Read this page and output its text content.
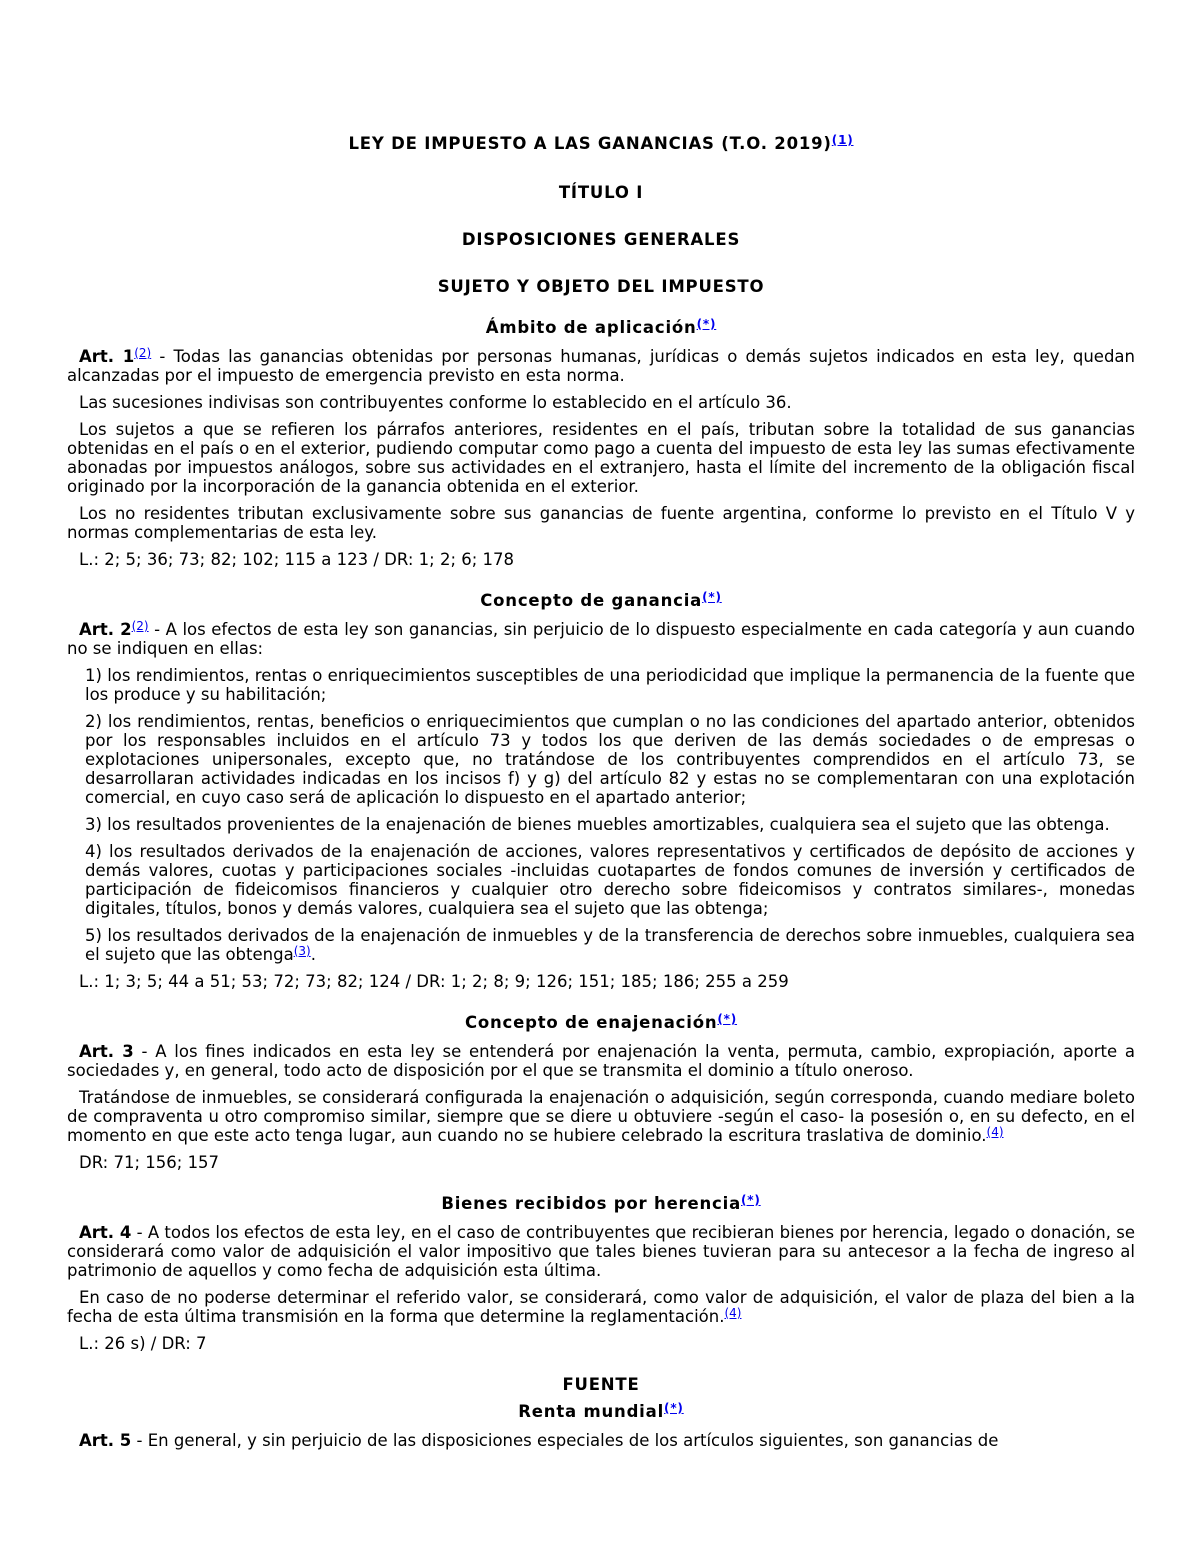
LEY DE IMPUESTO A LAS GANANCIAS (T.O. 2019)$^{(1)}$
TÍTULO I
DISPOSICIONES GENERALES
SUJETO Y OBJETO DEL IMPUESTO
Ámbito de aplicación(*)

Art. 1$^{(2)}$ - Todas las ganancias obtenidas por personas humanas, jurídicas o demás sujetos indicados en esta ley, quedan alcanzadas por el impuesto de emergencia previsto en esta norma.

Las sucesiones indivisas son contribuyentes conforme lo establecido en el artículo 36.

Los sujetos a que se refieren los párrafos anteriores, residentes en el país, tributan sobre la totalidad de sus ganancias obtenidas en el país o en el exterior, pudiendo computar como pago a cuenta del impuesto de esta ley las sumas efectivamente abonadas por impuestos análogos, sobre sus actividades en el extranjero, hasta el límite del incremento de la obligación fiscal originado por la incorporación de la ganancia obtenida en el exterior.

Los no residentes tributan exclusivamente sobre sus ganancias de fuente argentina, conforme lo previsto en el Título V y normas complementarias de esta ley.

L.: 2; 5; 36; 73; 82; 102; 115 a 123 / DR: 1; 2; 6; 178

Concepto de ganancia(*)

Art. 2$^{(2)}$ - A los efectos de esta ley son ganancias, sin perjuicio de lo dispuesto especialmente en cada categoría y aun cuando no se indiquen en ellas:

1) los rendimientos, rentas o enriquecimientos susceptibles de una periodicidad que implique la permanencia de la fuente que los produce y su habilitación;

2) los rendimientos, rentas, beneficios o enriquecimientos que cumplan o no las condiciones del apartado anterior, obtenidos por los responsables incluidos en el artículo 73 y todos los que deriven de las demás sociedades o de empresas o explotaciones unipersonales, excepto que, no tratándose de los contribuyentes comprendidos en el artículo 73, se desarrollaran actividades indicadas en los incisos f) y g) del artículo 82 y estas no se complementaran con una explotación comercial, en cuyo caso será de aplicación lo dispuesto en el apartado anterior;

3) los resultados provenientes de la enajenación de bienes muebles amortizables, cualquiera sea el sujeto que las obtenga.

4) los resultados derivados de la enajenación de acciones, valores representativos y certificados de depósito de acciones y demás valores, cuotas y participaciones sociales -incluidas cuotapartes de fondos comunes de inversión y certificados de participación de fideicomisos financieros y cualquier otro derecho sobre fideicomisos y contratos similares-, monedas digitales, títulos, bonos y demás valores, cualquiera sea el sujeto que las obtenga;

5) los resultados derivados de la enajenación de inmuebles y de la transferencia de derechos sobre inmuebles, cualquiera sea el sujeto que las obtenga$^{(3)}$.

L.: 1; 3; 5; 44 a 51; 53; 72; 73; 82; 124 / DR: 1; 2; 8; 9; 126; 151; 185; 186; 255 a 259

Concepto de enajenación(*)

Art. 3 - A los fines indicados en esta ley se entenderá por enajenación la venta, permuta, cambio, expropiación, aporte a sociedades y, en general, todo acto de disposición por el que se transmita el dominio a título oneroso.

Tratándose de inmuebles, se considerará configurada la enajenación o adquisición, según corresponda, cuando mediare boleto de compraventa u otro compromiso similar, siempre que se diere u obtuviere -según el caso- la posesión o, en su defecto, en el momento en que este acto tenga lugar, aun cuando no se hubiere celebrado la escritura traslativa de dominio.$^{(4)}$

DR: 71; 156; 157

Bienes recibidos por herencia(*)

Art. 4 - A todos los efectos de esta ley, en el caso de contribuyentes que recibieran bienes por herencia, legado o donación, se considerará como valor de adquisición el valor impositivo que tales bienes tuvieran para su antecesor a la fecha de ingreso al patrimonio de aquellos y como fecha de adquisición esta última.

En caso de no poderse determinar el referido valor, se considerará, como valor de adquisición, el valor de plaza del bien a la fecha de esta última transmisión en la forma que determine la reglamentación.$^{(4)}$

L.: 26 s) / DR: 7

FUENTE
Renta mundial(*)

Art. 5 - En general, y sin perjuicio de las disposiciones especiales de los artículos siguientes, son ganancias de
